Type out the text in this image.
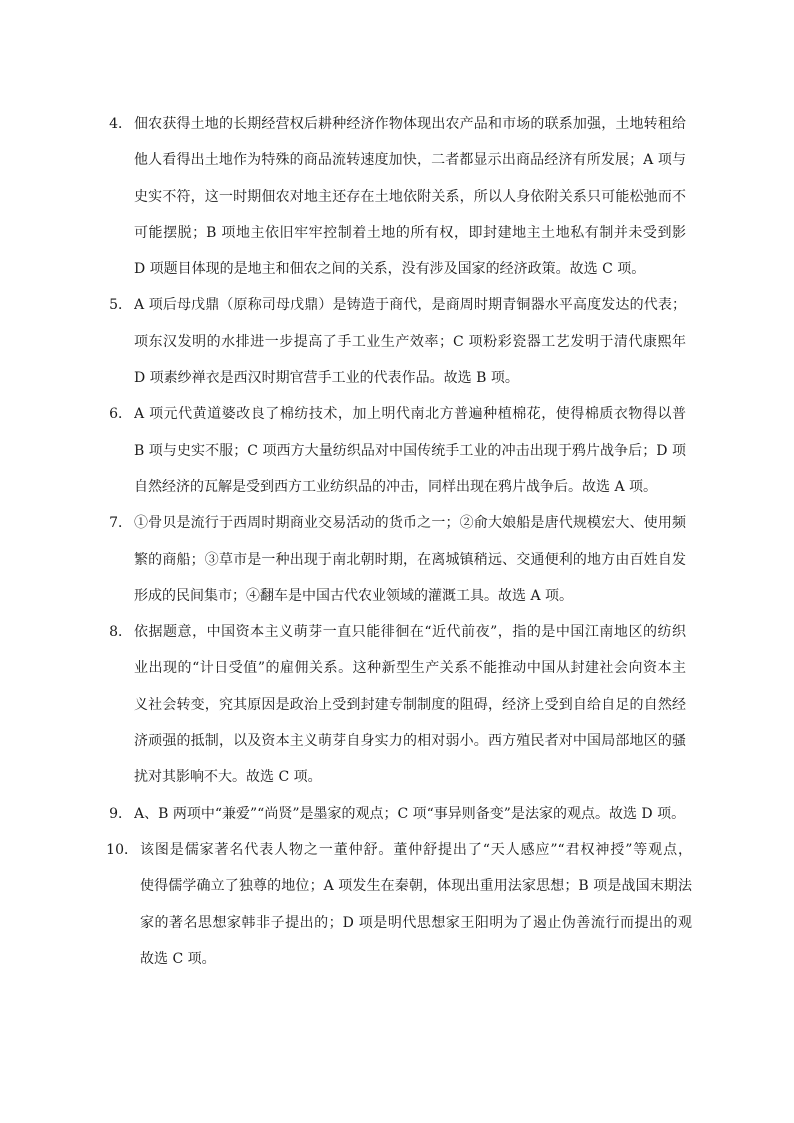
4． 佃农获得土地的长期经营权后耕种经济作物体现出农产品和市场的联系加强，土地转租给
他人看得出土地作为特殊的商品流转速度加快，二者都显示出商品经济有所发展；A 项与
史实不符，这一时期佃农对地主还存在土地依附关系，所以人身依附关系只可能松弛而不
可能摆脱；B 项地主依旧牢牢控制着土地的所有权，即封建地主土地私有制并未受到影
D 项题目体现的是地主和佃农之间的关系，没有涉及国家的经济政策。故选 C 项。
5． A 项后母戊鼎（原称司母戊鼎）是铸造于商代，是商周时期青铜器水平高度发达的代表；
项东汉发明的水排进一步提高了手工业生产效率；C 项粉彩瓷器工艺发明于清代康熙年
D 项素纱禅衣是西汉时期官营手工业的代表作品。故选 B 项。
6． A 项元代黄道婆改良了棉纺技术，加上明代南北方普遍种植棉花，使得棉质衣物得以普
B 项与史实不服；C 项西方大量纺织品对中国传统手工业的冲击出现于鸦片战争后；D 项
自然经济的瓦解是受到西方工业纺织品的冲击，同样出现在鸦片战争后。故选 A 项。
7． ①骨贝是流行于西周时期商业交易活动的货币之一；②俞大娘船是唐代规模宏大、使用频
繁的商船；③草市是一种出现于南北朝时期，在离城镇稍远、交通便利的地方由百姓自发
形成的民间集市；④翻车是中国古代农业领域的灌溉工具。故选 A 项。
8． 依据题意，中国资本主义萌芽一直只能徘徊在“近代前夜”，指的是中国江南地区的纺织
业出现的“计日受值”的雇佣关系。这种新型生产关系不能推动中国从封建社会向资本主
义社会转变，究其原因是政治上受到封建专制制度的阻碍，经济上受到自给自足的自然经
济顽强的抵制，以及资本主义萌芽自身实力的相对弱小。西方殖民者对中国局部地区的骚
扰对其影响不大。故选 C 项。
9． A、B 两项中“兼爱”“尚贤”是墨家的观点；C 项“事异则备变”是法家的观点。故选 D 项。
10． 该图是儒家著名代表人物之一董仲舒。董仲舒提出了“天人感应”“君权神授”等观点，
使得儒学确立了独尊的地位；A 项发生在秦朝，体现出重用法家思想；B 项是战国末期法
家的著名思想家韩非子提出的；D 项是明代思想家王阳明为了遏止伪善流行而提出的观
故选 C 项。
